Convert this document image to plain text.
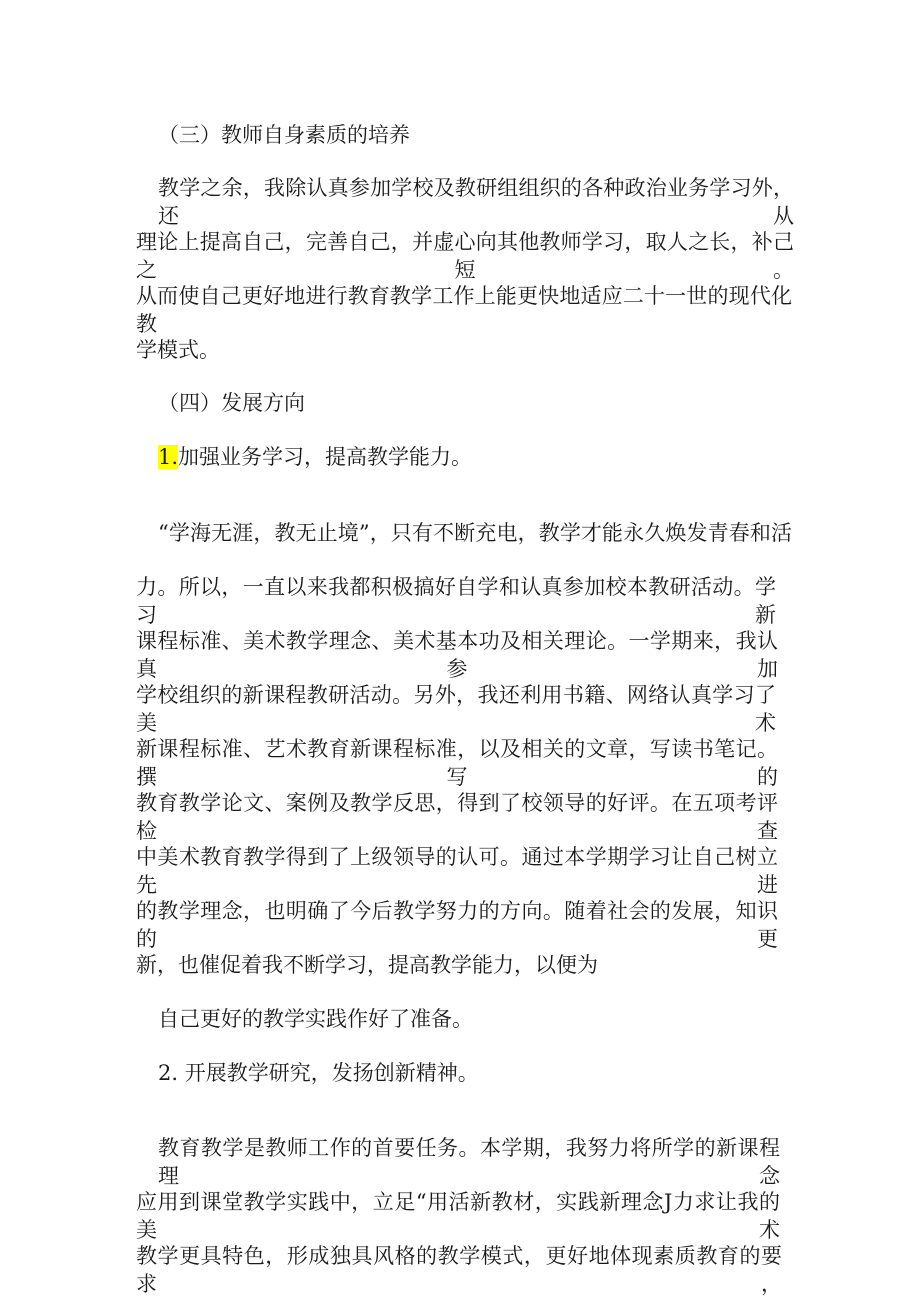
（三）教师自身素质的培养

教学之余，我除认真参加学校及教研组组织的各种政治业务学习外，还从

理论上提高自己，完善自己，并虚心向其他教师学习，取人之长，补己之短。

从而使自己更好地进行教育教学工作上能更快地适应二十一世的现代化教

学模式。

（四）发展方向

1.加强业务学习，提高教学能力。

“学海无涯，教无止境”，只有不断充电，教学才能永久焕发青春和活

力。所以，一直以来我都积极搞好自学和认真参加校本教研活动。学习新

课程标准、美术教学理念、美术基本功及相关理论。一学期来，我认真参加

学校组织的新课程教研活动。另外，我还利用书籍、网络认真学习了美术

新课程标准、艺术教育新课程标准，以及相关的文章，写读书笔记。撰写的

教育教学论文、案例及教学反思，得到了校领导的好评。在五项考评检查

中美术教育教学得到了上级领导的认可。通过本学期学习让自己树立先进

的教学理念，也明确了今后教学努力的方向。随着社会的发展，知识的更

新，也催促着我不断学习，提高教学能力，以便为

自己更好的教学实践作好了准备。

2. 开展教学研究，发扬创新精神。

教育教学是教师工作的首要任务。本学期，我努力将所学的新课程理念

应用到课堂教学实践中，立足“用活新教材，实践新理念J力求让我的美术

教学更具特色，形成独具风格的教学模式，更好地体现素质教育的要求，
